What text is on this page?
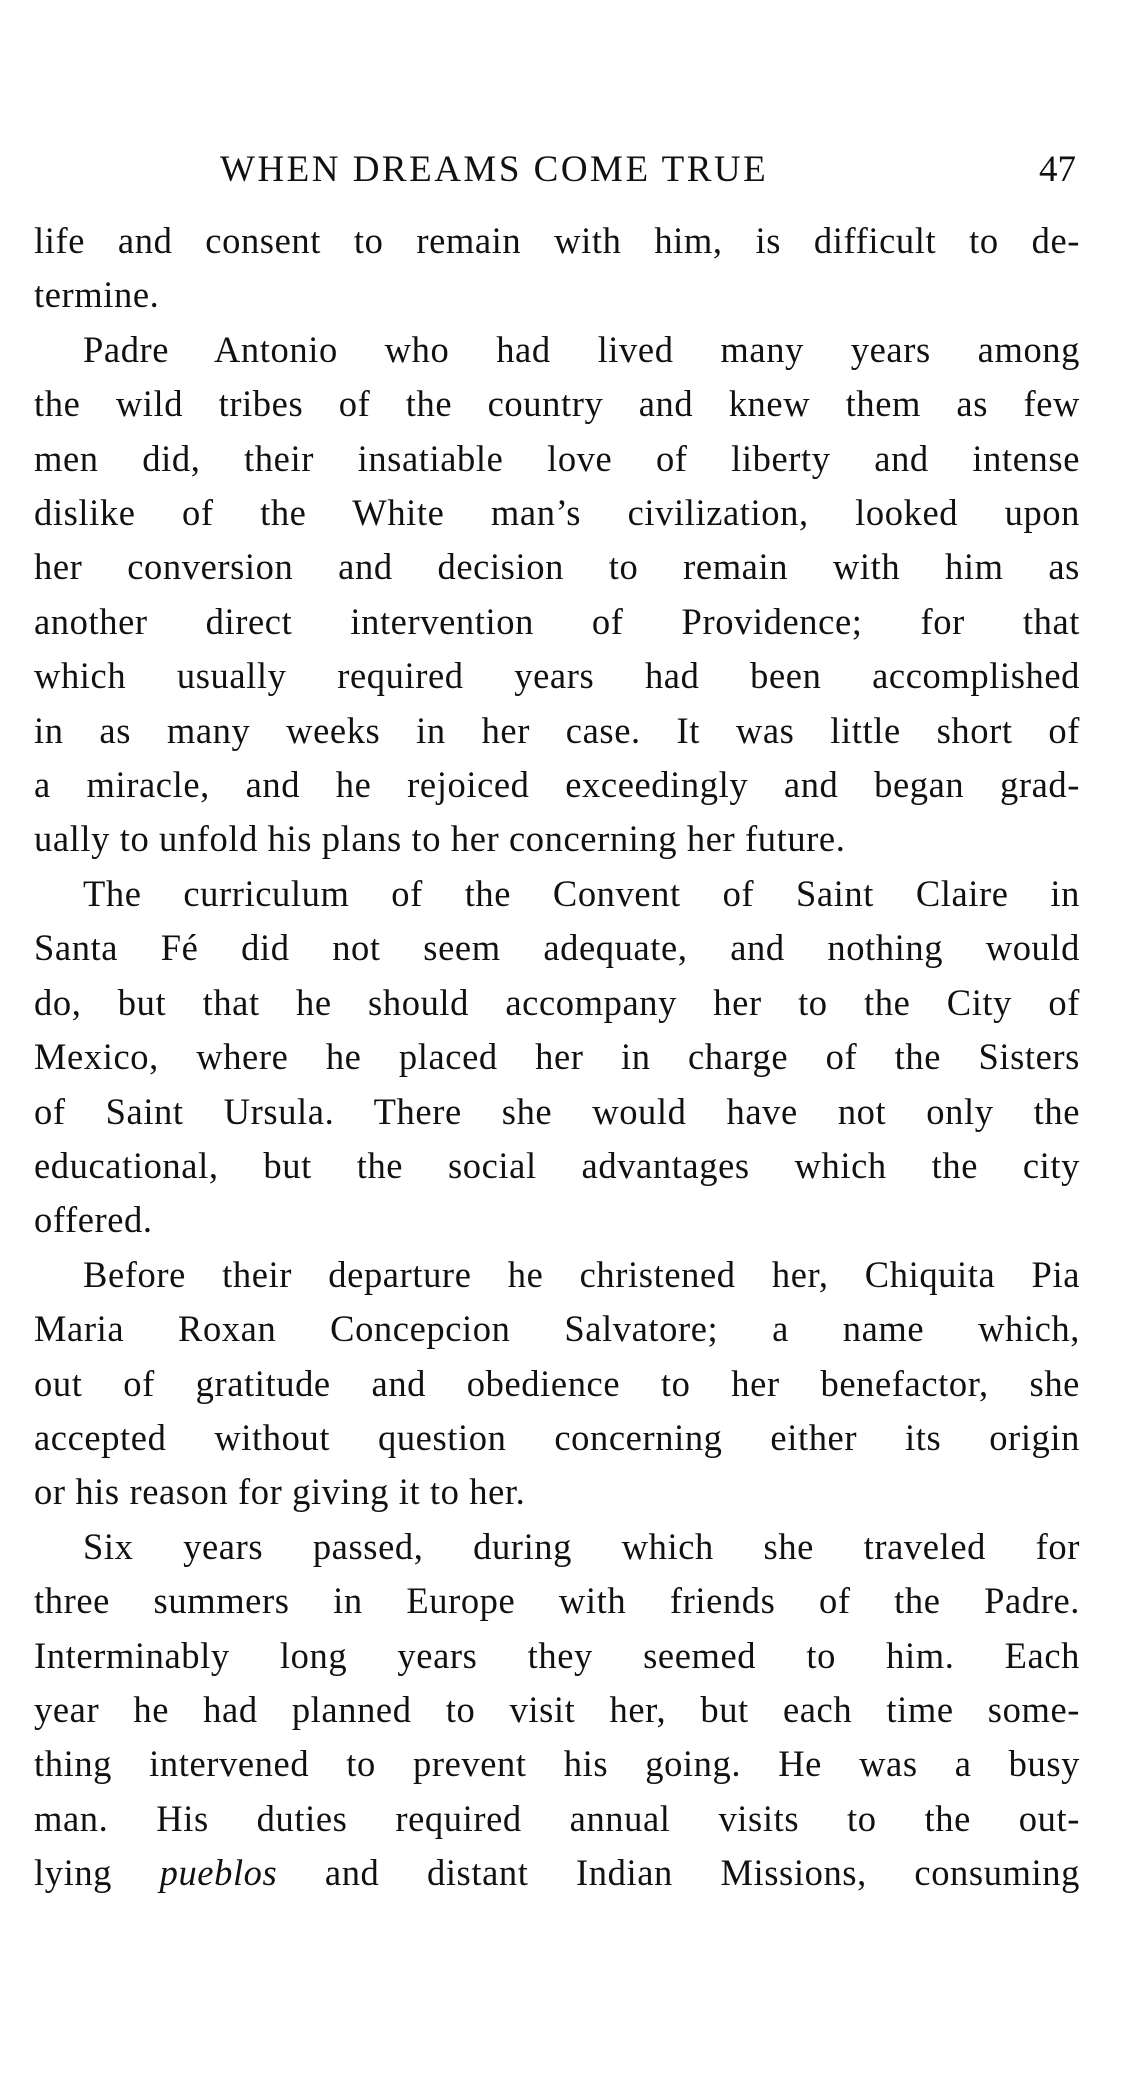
WHEN DREAMS COME TRUE	47
life and consent to remain with him, is difficult to de-
termine.
Padre Antonio who had lived many years among
the wild tribes of the country and knew them as few
men did, their insatiable love of liberty and intense
dislike of the White man’s civilization, looked upon
her conversion and decision to remain with him as
another direct intervention of Providence; for that
which usually required years had been accomplished
in as many weeks in her case. It was little short of
a miracle, and he rejoiced exceedingly and began grad-
ually to unfold his plans to her concerning her future.
The curriculum of the Convent of Saint Claire in
Santa Fé did not seem adequate, and nothing would
do, but that he should accompany her to the City of
Mexico, where he placed her in charge of the Sisters
of Saint Ursula. There she would have not only the
educational, but the social advantages which the city
offered.
Before their departure he christened her, Chiquita Pia
Maria Roxan Concepcion Salvatore; a name which,
out of gratitude and obedience to her benefactor, she
accepted without question concerning either its origin
or his reason for giving it to her.
Six years passed, during which she traveled for
three summers in Europe with friends of the Padre.
Interminably long years they seemed to him. Each
year he had planned to visit her, but each time some-
thing intervened to prevent his going. He was a busy
man. His duties required annual visits to the out-
lying pueblos and distant Indian Missions, consuming
